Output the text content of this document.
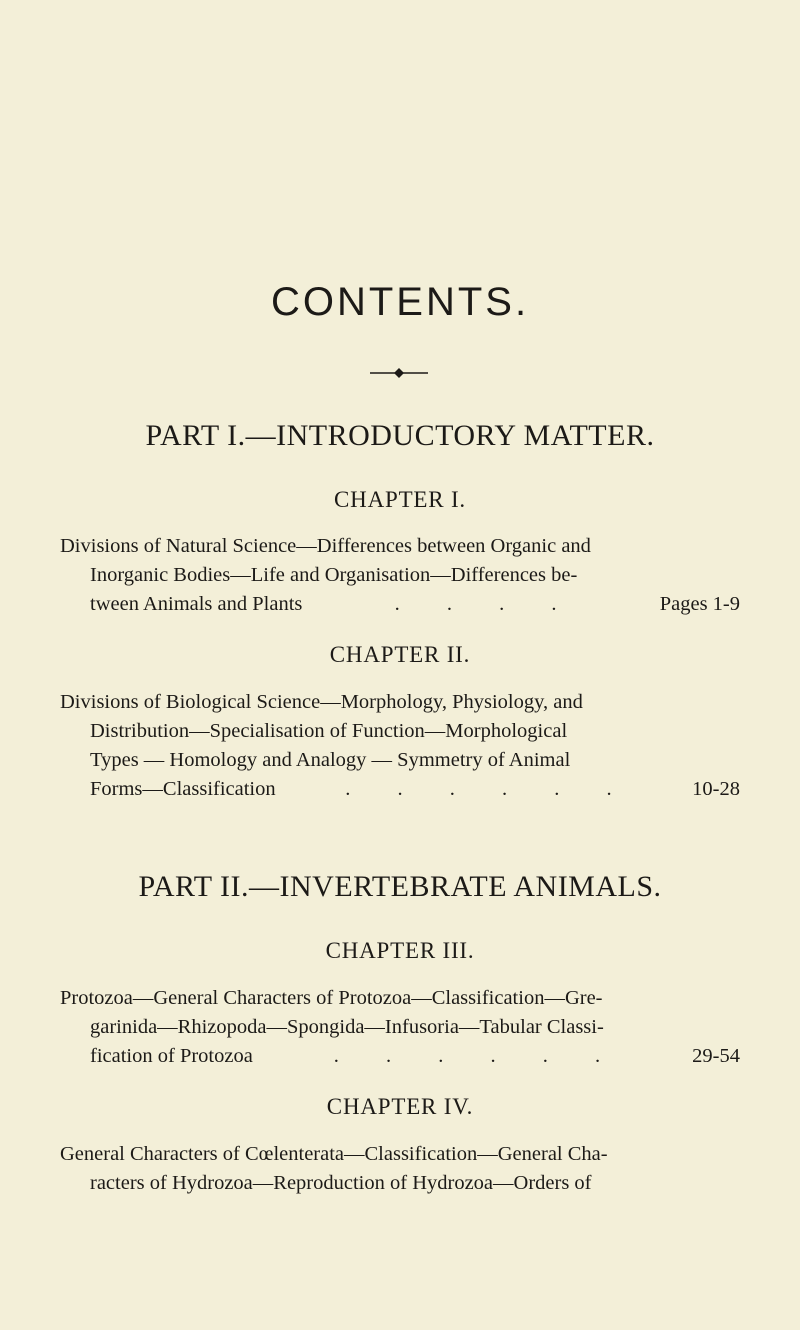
CONTENTS.
PART I.—INTRODUCTORY MATTER.
CHAPTER I.
Divisions of Natural Science—Differences between Organic and
Inorganic Bodies—Life and Organisation—Differences be-
tween Animals and Plants	. . . .	Pages 1-9
CHAPTER II.
Divisions of Biological Science—Morphology, Physiology, and
Distribution—Specialisation of Function—Morphological
Types — Homology and Analogy — Symmetry of Animal
Forms—Classification	. . . . . .	10-28
PART II.—INVERTEBRATE ANIMALS.
CHAPTER III.
Protozoa—General Characters of Protozoa—Classification—Gre-
garinida—Rhizopoda—Spongida—Infusoria—Tabular Classi-
fication of Protozoa	. . . . . .	29-54
CHAPTER IV.
General Characters of Cœlenterata—Classification—General Cha-
racters of Hydrozoa—Reproduction of Hydrozoa—Orders of
